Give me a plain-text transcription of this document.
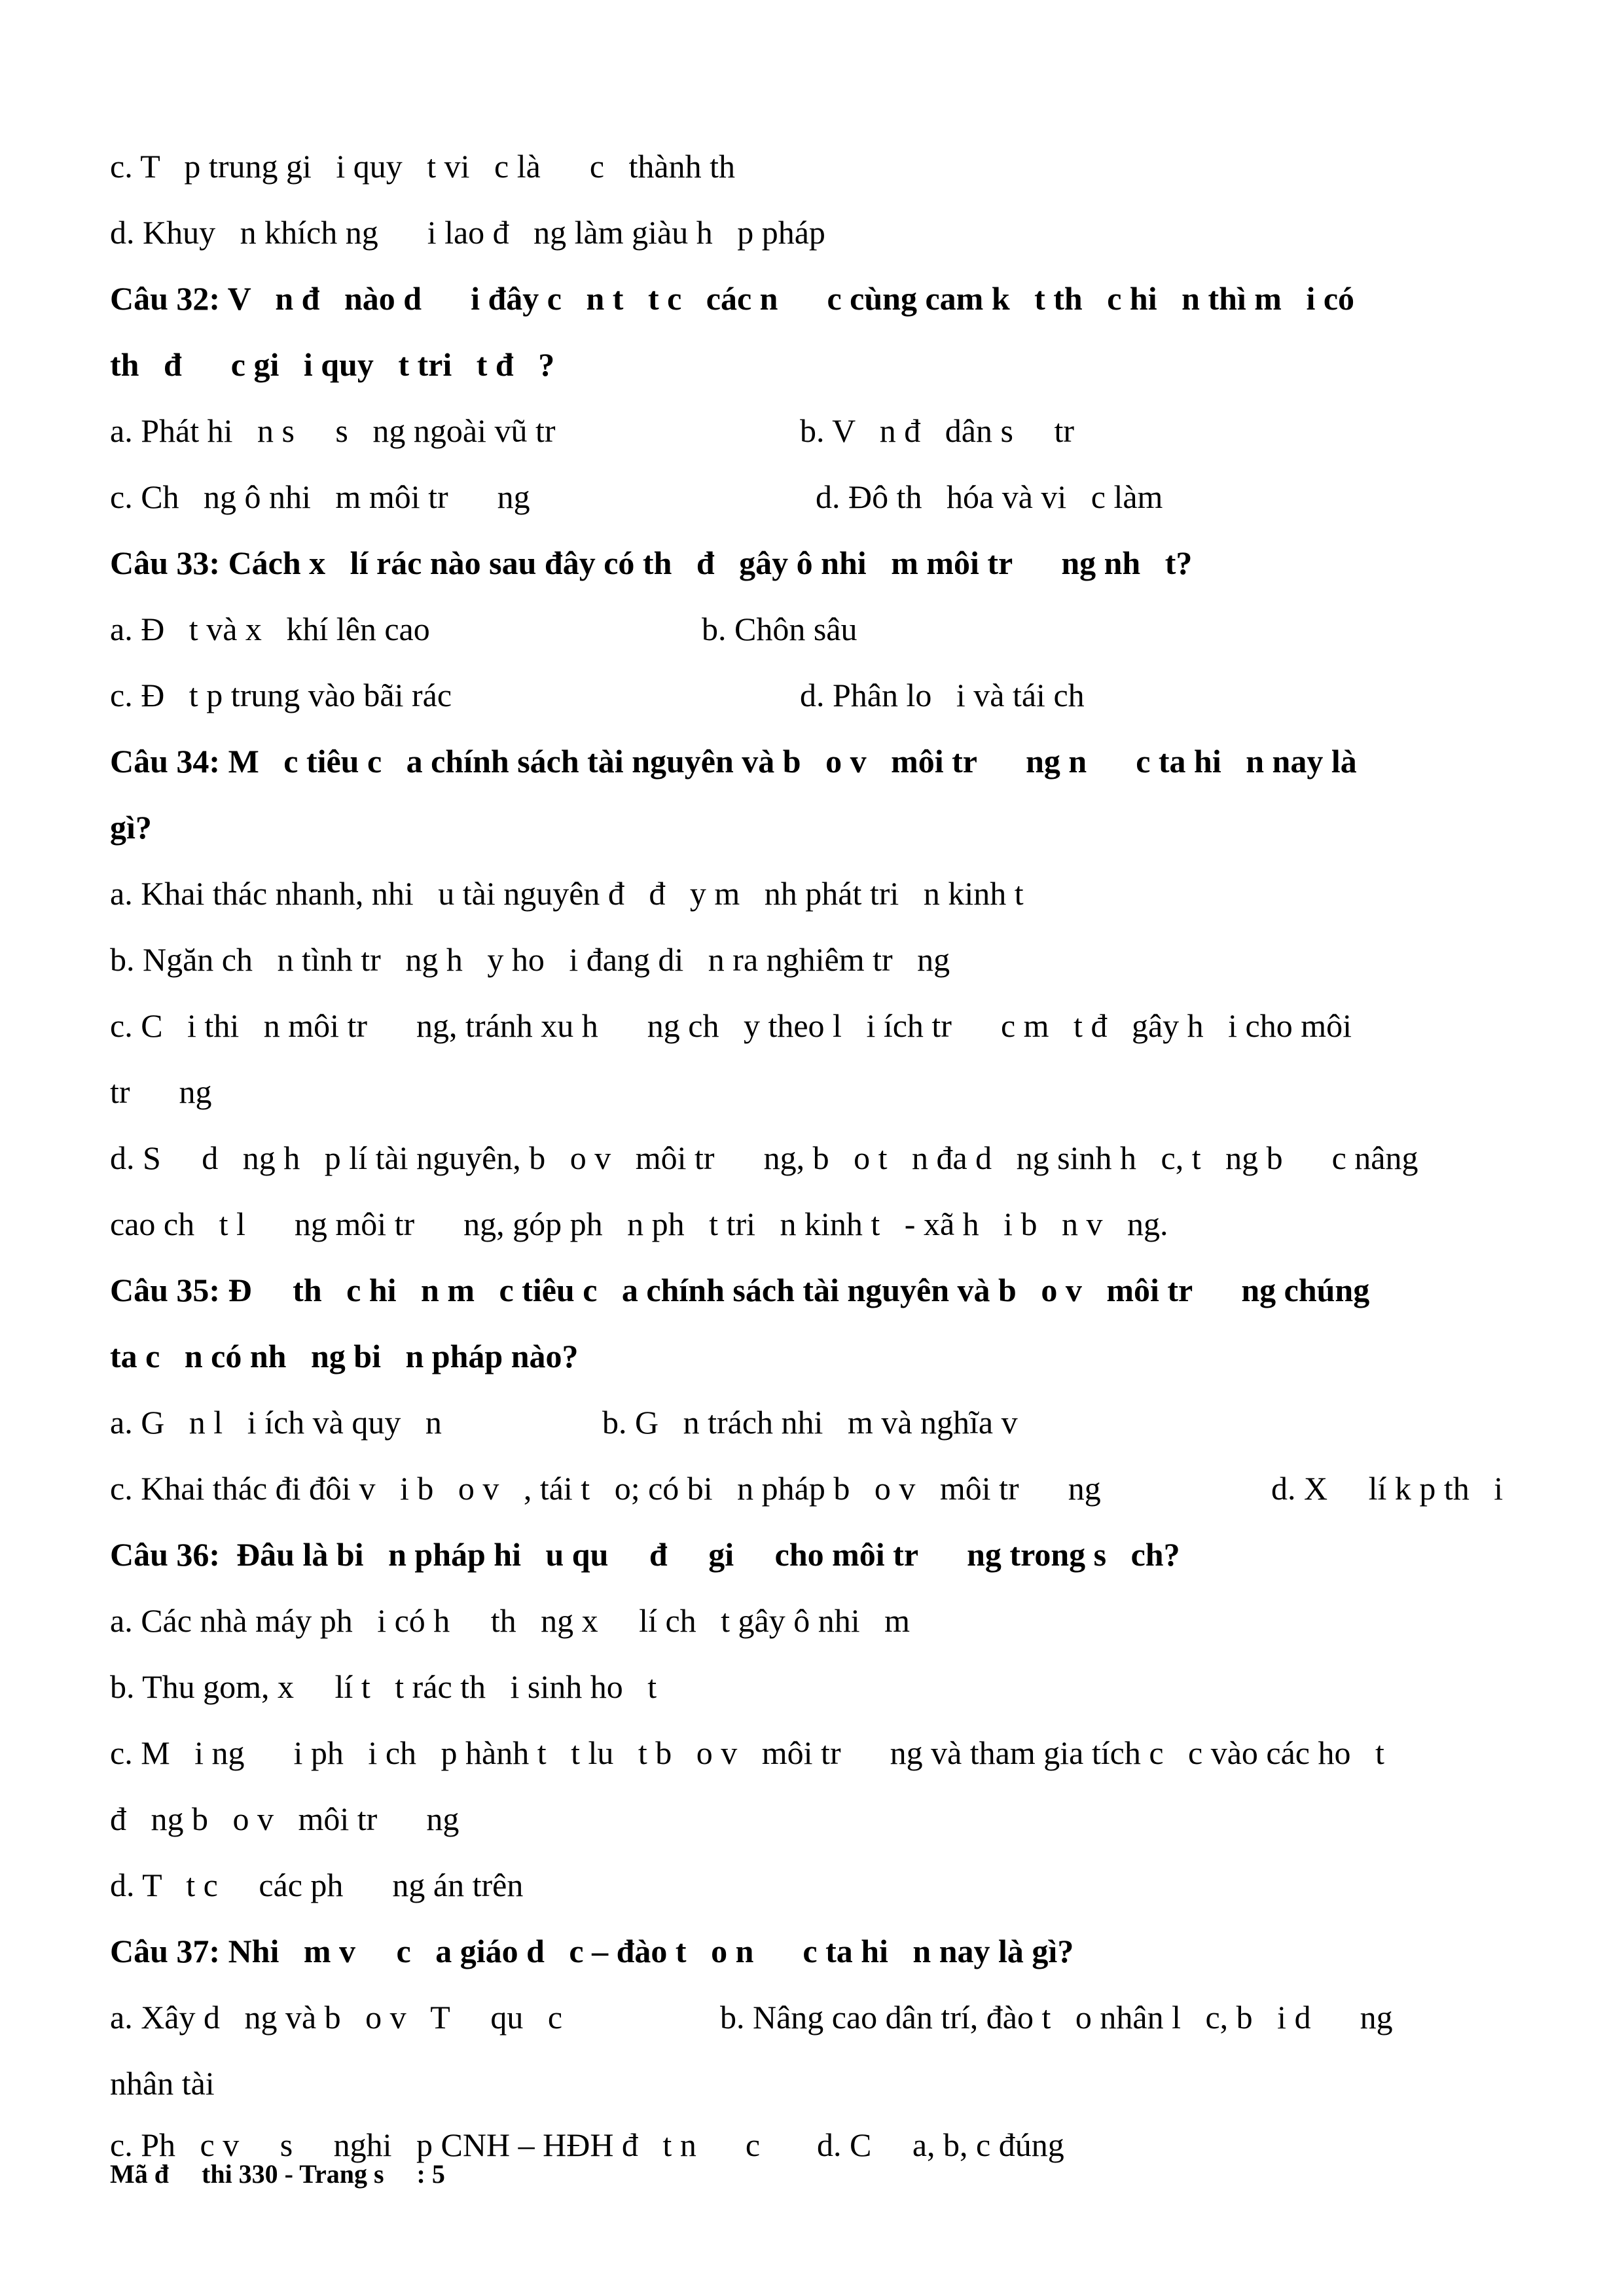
c. T   p trung gi   i quy   t vi   c là      c   thành th
d. Khuy   n khích ng      i lao đ   ng làm giàu h   p pháp
Câu 32: V   n đ   nào d      i đây c   n t   t c   các n      c cùng cam k   t th   c hi   n thì m   i có
th   đ      c gi   i quy   t tri   t đ   ?
a. Phát hi   n s     s   ng ngoài vũ tr	b. V   n đ   dân s     tr
c. Ch   ng ô nhi   m môi tr      ng	d. Đô th   hóa và vi   c làm
Câu 33: Cách x   lí rác nào sau đây có th   đ   gây ô nhi   m môi tr      ng nh   t?
a. Đ   t và x   khí lên cao	b. Chôn sâu
c. Đ   t p trung vào bãi rác	d. Phân lo   i và tái ch
Câu 34: M   c tiêu c   a chính sách tài nguyên và b   o v   môi tr      ng n      c ta hi   n nay là
gì?
a. Khai thác nhanh, nhi   u tài nguyên đ   đ   y m   nh phát tri   n kinh t
b. Ngăn ch   n tình tr   ng h   y ho   i đang di   n ra nghiêm tr   ng
c. C   i thi   n môi tr      ng, tránh xu h      ng ch   y theo l   i ích tr      c m   t đ   gây h   i cho môi
tr      ng
d. S     d   ng h   p lí tài nguyên, b   o v   môi tr      ng, b   o t   n đa d   ng sinh h   c, t   ng b      c nâng
cao ch   t l      ng môi tr      ng, góp ph   n ph   t tri   n kinh t   - xã h   i b   n v   ng.
Câu 35: Đ     th   c hi   n m   c tiêu c   a chính sách tài nguyên và b   o v   môi tr      ng chúng
ta c   n có nh   ng bi   n pháp nào?
a. G   n l   i ích và quy   n	b. G   n trách nhi   m và nghĩa v
c. Khai thác đi đôi v   i b   o v   , tái t   o; có bi   n pháp b   o v   môi tr      ng	d. X     lí k p th   i
Câu 36:  Đâu là bi   n pháp hi   u qu     đ     gi     cho môi tr      ng trong s   ch?
a. Các nhà máy ph   i có h     th   ng x     lí ch   t gây ô nhi   m
b. Thu gom, x     lí t   t rác th   i sinh ho   t
c. M   i ng      i ph   i ch   p hành t   t lu   t b   o v   môi tr      ng và tham gia tích c   c vào các ho   t
đ   ng b   o v   môi tr      ng
d. T   t c     các ph      ng án trên
Câu 37: Nhi   m v     c   a giáo d   c – đào t   o n      c ta hi   n nay là gì?
a. Xây d   ng và b   o v   T     qu   c	b. Nâng cao dân trí, đào t   o nhân l   c, b   i d      ng
nhân tài
c. Ph   c v     s     nghi   p CNH – HĐH đ   t n      c d. C     a, b, c đúng
Mã đ     thi 330 - Trang s     : 5
